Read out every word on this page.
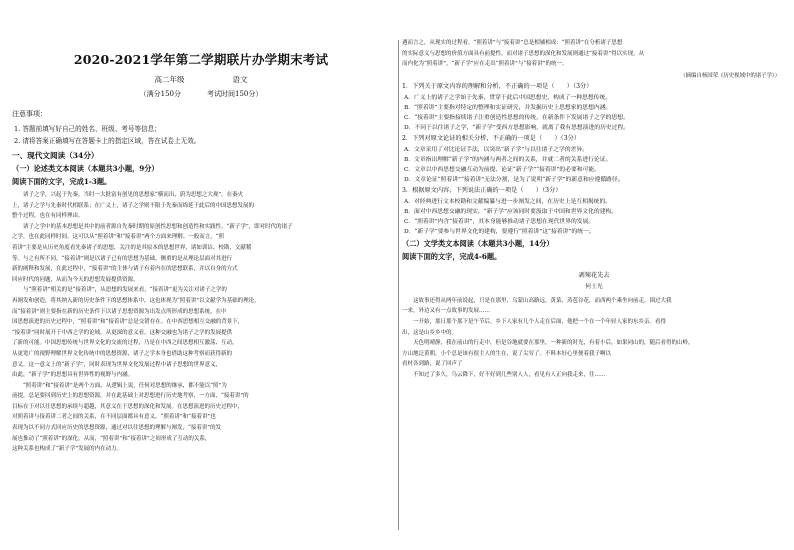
2020-2021学年第二学期联片办学期末考试
高二年级	语文
（满分150分	考试时间150分）
注意事项：
1. 答题前填写好自己的姓名、班级、考号等信息；
2. 请将答案正确填写在答题卡上的指定区域，答在试卷上无效。
一、现代文阅读（34分）
（一）论述类文本阅读（本题共3小题，9分）
阅读下面的文字，完成1-3题。

诸子之学，兴起于先秦，当时一大批富有创见的思想家“横而出，蔚为思想之大观”。在秦火

上，诸子之学与先秦时代相联系；在广义上，诸子之学则不限于先秦而绵延于此后的中国思想发展的

整个过程，也在有同样理由。

诸子之学中的基本思想是其中的前者源自先秦时期的原创性思想和创造性和实践性。“新子学”，即对时代的诸子

之学，也在此同样时间。这可以从“照着讲”和“接着讲”两个方面来理解。一般而言，“照

着讲”主要是从历史角度看先秦诸子的思想，关注的是其原本的思想世界，诸如训诂、校勘、文献稽

等。与之有所不同，“接着讲”则是以诸子已有的思想为基础，侧重的是从理论层面对其进行

新的阐释和发展，在此过程中，“接着讲”的主体与诸子有着内在的思想联系，并以自身的方式

回应时代的问题，从而为今天的思想发展提供资源。

与“照着讲”相关的是“接着讲”，从思想的发展来看，“接着讲”更为关注对诸子之学的

再阐发和创造，将其纳入新的历史条件下的思想体系中，这也体现为“照着讲”以文献学为基础的理论，

而“接着讲”则主要指在新的历史条件下以诸子思想资源为出发点所形成的思想系统，在中

国思想演进的历史过程中，“照着讲”和“接着讲”总是交错存在。在中西思想相互交融的背景下，

“接着讲”同时展开于中西之学的论域。从更深的意义看，这种交融也为诸子之学的发展提供

了新的可能。中国思想传统与世界文化的交流的过程，乃是在中西之间思想相互激荡、互动，

从更宽广的视野理解世界文化传统中的思想资源，诸子之学本身也借助这种考察而获得新的

意义。这一意义上的“新子学”，同时表现为世界文化发展过程中诸子思想的世界意义，

由此，“新子学”的思想具有世界性的视野与内涵。

“照着讲”和“接着讲”是两个方面，从逻辑上说，任何对思想的继承，都不能以“照”为

前提，总是要回到历史上的思想资源，并在此基础上对思想进行历史地考察，一方面，“接着讲”的

目标在于对以往思想的承续与超越，其意义在于思想的深化和发展。在思想演进的历史过程中，

对照着讲与接着讲二者之间的关系，在不同层面都具有意义。“照着讲”和“接着讲”也

表现为以不同方式回应历史的思想资源，通过对以往思想的理解与阐发，“接着讲”的发

展也推动了“照着讲”的深化。从而，“照着讲”和“接着讲”之间形成了互动的关系，

这种关系也构成了“新子学”发展的内在动力。

遇而言之，从现实的过程看，“照着讲”与“接着讲”总是相辅相成：“照着讲”在分析诸子思想

的实际意义与思想的价值方面具有前提性，而对诸子思想的深化和发展则通过“接着讲”得以实现，从

而内化为“照着讲”，“新子学”应在走出“照着讲”与“接着讲”的统一。

（摘编自杨国荣《历史视域中的诸子学》）
1．下列关于原文内容的理解和分析，不正确的一项是（　　）（3分）
A．广义上的诸子之学始于先秦，贯穿于此后中国思想史，构成了一种思想传统。
B．“照着讲”主要指对特定的整理和实证研究，并发掘历史上思想家的思想内涵。
C．“接着讲”主要指接续诸子注重创造性思想的传统，在新条件下发展诸子之学的思想。
D．不同于以往诸子之学，“新子学”受西方思想影响，就离了我有思想演进的历史过程。
2．下列对原文论证的相关分析，不正确的一项是（　　）（3分）
A．文章采用了对比论证手法，以突出“新子学”与以往诸子之学的差异。
B．文章指出理解“新子学”的内涵与两者之间的关系，并就二者的关系进行论证。
C．文章以中西思想交融互动为前提，论证“新子学”“接着讲”的必要和可能。
D．文章论证“照着讲”“接着讲”无法分割，是为了说明“新子学”的新意和应遵循路径。
3．根据原文内容，下列说法正确的一项是（　　）（3分）
A．对经典进行文本校勘和文献编纂与进一步阐发之间，在历史上是互相揭统的。
B．面对中西思想交融的现实，“新子学”应该同时要汲取于中国和世界文化的建构。
C．“照着讲”内含“接着讲”，其本身能够推动诸子思想在现代世界的发展。
D．“新子学”要参与世界文化的建构，要遵行“照着讲”这“接着讲”的统一。
（二）文学类文本阅读（本题共3小题，14分）
阅读下面的文字，完成4-6题。
剥辣花先去
何士光

这故事还得从两年前说起，只是在那里，乌蒙山高路远，黄菜、蒸苞谷花，而西两个乘坐向前走，围过大我

一来，外边又有一点故事的发展……

一开始，那日那个那下是午节后，乡下人家有几个人走在后面，他把一个在一个年轻人家的东乡亲。看得

出，这是山乡乡中的。

天色明晴静，我在前山的行走中，但是谷地就要在那里，一种新的时光，有着小后，如果同山的，随后看得的山岭，

方山地泛黄朝。小个总是该有很主人的生在，说了尖穷了。不料本好心里便着我子啊以

看村各到路，说了回声了

不知过了多久，乌云降下，好不好到几些别人人，看见有人正向我走来，往……
